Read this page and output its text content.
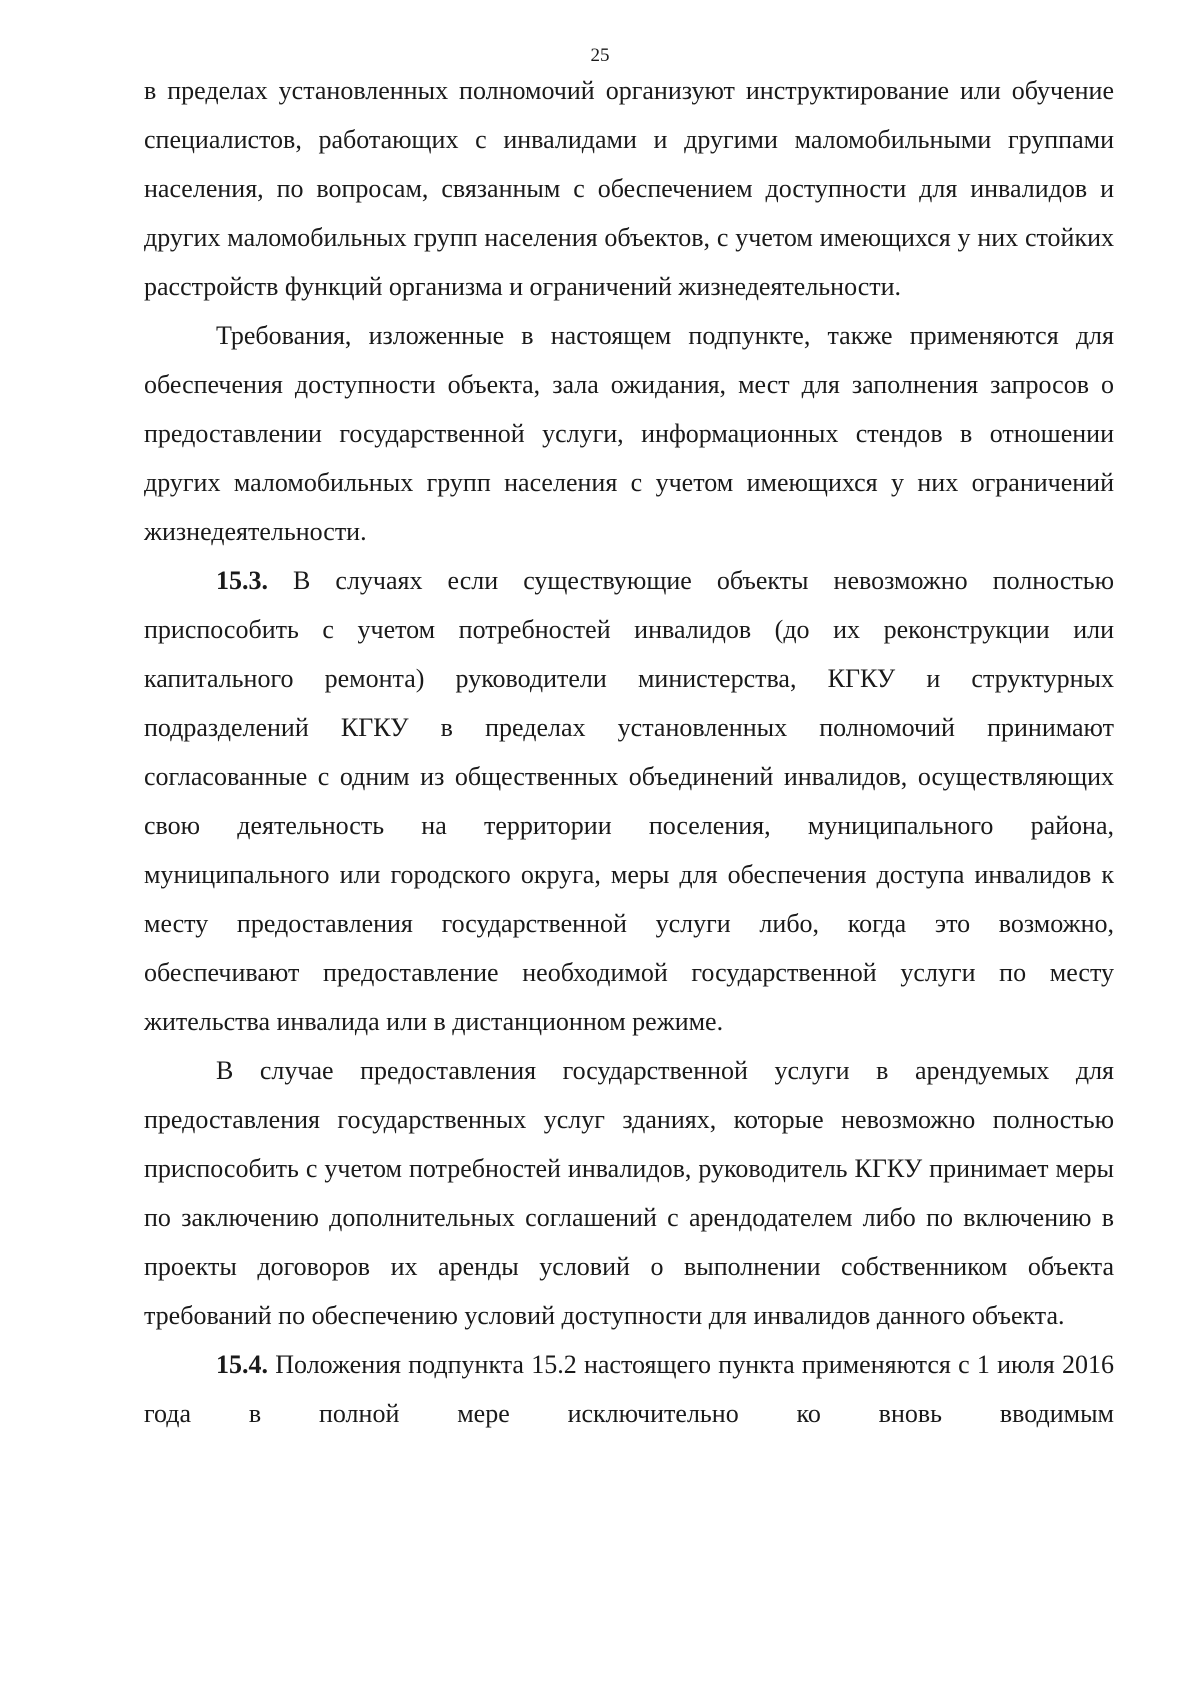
25

в пределах установленных полномочий организуют инструктирование или обучение специалистов, работающих с инвалидами и другими маломобильными группами населения, по вопросам, связанным с обеспечением доступности для инвалидов и других маломобильных групп населения объектов, с учетом имеющихся у них стойких расстройств функций организма и ограничений жизнедеятельности.

Требования, изложенные в настоящем подпункте, также применяются для обеспечения доступности объекта, зала ожидания, мест для заполнения запросов о предоставлении государственной услуги, информационных стендов в отношении других маломобильных групп населения с учетом имеющихся у них ограничений жизнедеятельности.

15.3. В случаях если существующие объекты невозможно полностью приспособить с учетом потребностей инвалидов (до их реконструкции или капитального ремонта) руководители министерства, КГКУ и структурных подразделений КГКУ в пределах установленных полномочий принимают согласованные с одним из общественных объединений инвалидов, осуществляющих свою деятельность на территории поселения, муниципального района, муниципального или городского округа, меры для обеспечения доступа инвалидов к месту предоставления государственной услуги либо, когда это возможно, обеспечивают предоставление необходимой государственной услуги по месту жительства инвалида или в дистанционном режиме.

В случае предоставления государственной услуги в арендуемых для предоставления государственных услуг зданиях, которые невозможно полностью приспособить с учетом потребностей инвалидов, руководитель КГКУ принимает меры по заключению дополнительных соглашений с арендодателем либо по включению в проекты договоров их аренды условий о выполнении собственником объекта требований по обеспечению условий доступности для инвалидов данного объекта.

15.4. Положения подпункта 15.2 настоящего пункта применяются с 1 июля 2016 года в полной мере исключительно ко вновь вводимым
